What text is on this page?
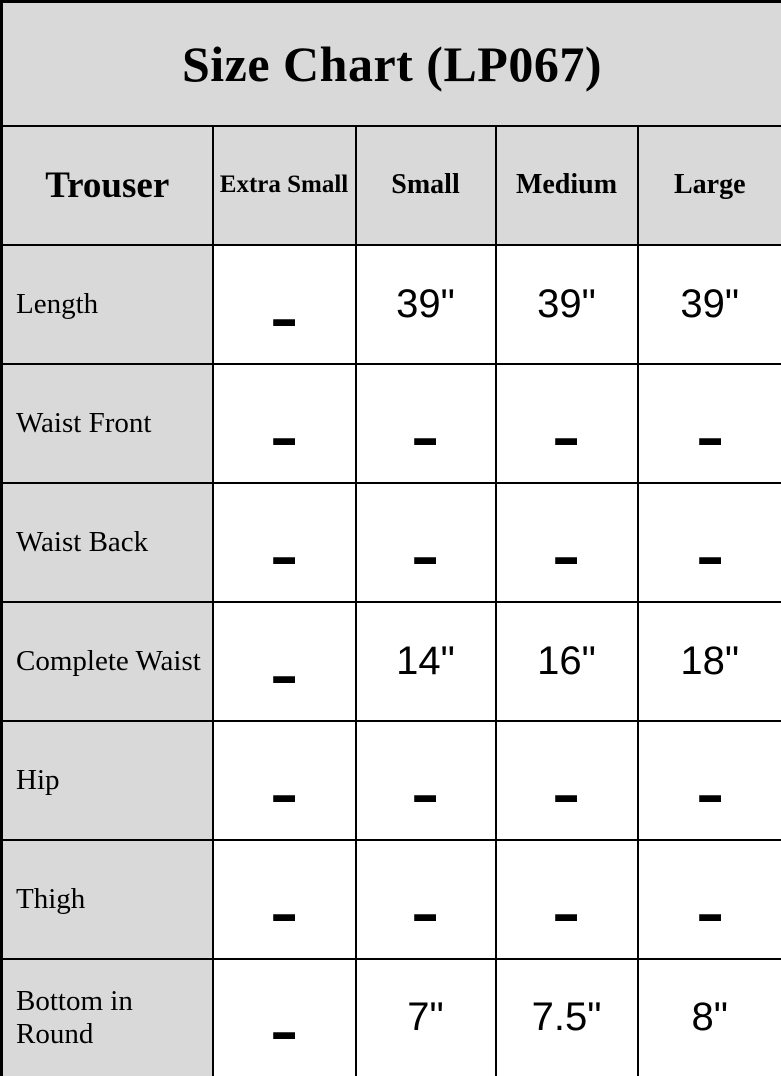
Size Chart (LP067)				
Trouser	Extra Small	Small	Medium	Large
Length	–	39"	39"	39"
Waist Front	–	–	–	–
Waist Back	–	–	–	–
Complete Waist	–	14"	16"	18"
Hip	–	–	–	–
Thigh	–	–	–	–
Bottom in Round	–	7"	7.5"	8"
